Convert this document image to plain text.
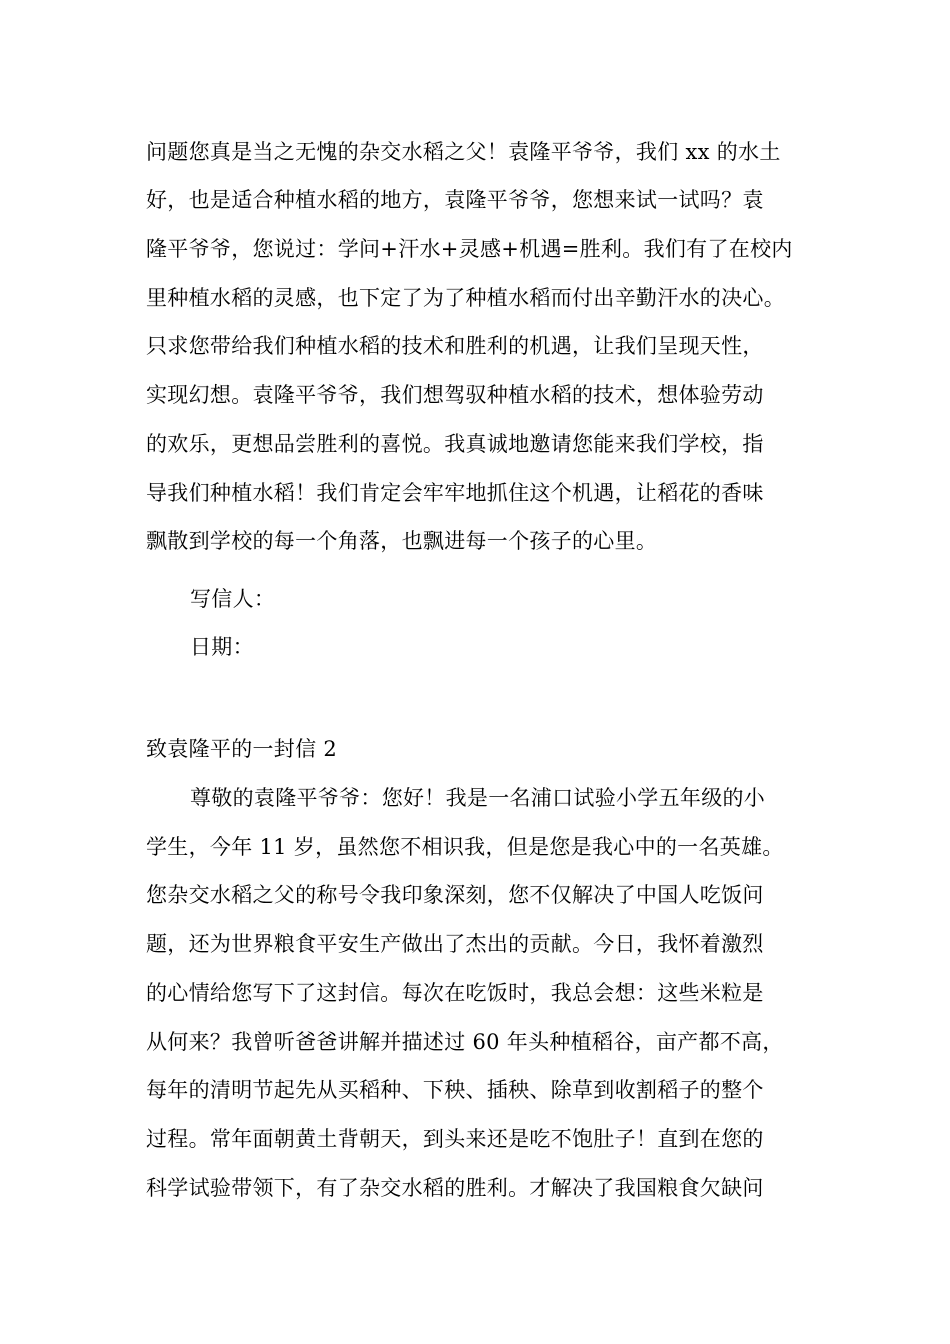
问题您真是当之无愧的杂交水稻之父！袁隆平爷爷，我们 xx 的水土
好，也是适合种植水稻的地方，袁隆平爷爷，您想来试一试吗？袁
隆平爷爷，您说过：学问+汗水+灵感+机遇=胜利。我们有了在校内
里种植水稻的灵感，也下定了为了种植水稻而付出辛勤汗水的决心。
只求您带给我们种植水稻的技术和胜利的机遇，让我们呈现天性，
实现幻想。袁隆平爷爷，我们想驾驭种植水稻的技术，想体验劳动
的欢乐，更想品尝胜利的喜悦。我真诚地邀请您能来我们学校，指
导我们种植水稻！我们肯定会牢牢地抓住这个机遇，让稻花的香味
飘散到学校的每一个角落，也飘进每一个孩子的心里。
写信人：
日期：
致袁隆平的一封信 2
尊敬的袁隆平爷爷：您好！我是一名浦口试验小学五年级的小
学生，今年 11 岁，虽然您不相识我，但是您是我心中的一名英雄。
您杂交水稻之父的称号令我印象深刻，您不仅解决了中国人吃饭问
题，还为世界粮食平安生产做出了杰出的贡献。今日，我怀着激烈
的心情给您写下了这封信。每次在吃饭时，我总会想：这些米粒是
从何来？我曾听爸爸讲解并描述过 60 年头种植稻谷，亩产都不高，
每年的清明节起先从买稻种、下秧、插秧、除草到收割稻子的整个
过程。常年面朝黄土背朝天，到头来还是吃不饱肚子！直到在您的
科学试验带领下，有了杂交水稻的胜利。才解决了我国粮食欠缺问
